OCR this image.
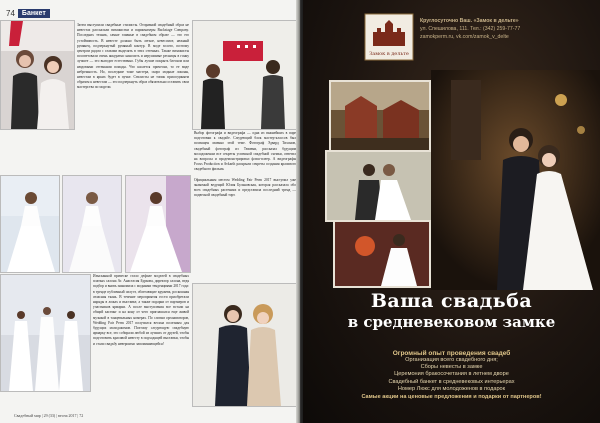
74	Банкет
Затем выступили свадебные стилисты. Отправной свадебный образ не невестах рассказали визажистки и парикмахеры Backstage Company. Последних техник, самые главные в свадебном образе — это его устойчивость. В невесте должно быть легкое, невесомое, нежный румянец, подчеркнутый румяный контур. В моде золото, поэтому центром рядом с глазами выделять в этих оттенках. Также визажисты посоветовали очень аккуратно наносить и нерушимые ресницы в гонку лучшее — это выгодит естественно. Губы лучше покрыть блеском или нюдовыми оттенками помады. Что касается прически, то ее виде небрежность. Но, последние тоже мастера, скоро модные локоны, невестам в ярких будет в пучке. Стилисты не топик присоединяем образом к невестам — это подчеркнуть образ обязательно оставить свои мастерства по модели.
Выбор фотографа и видеографа — одна из важнейших в паре подготовки к свадьбе. Следующий блок мастер-классов был посвящен именно этой теме. Фотограф Эдвард Тихонов, свадебный фотограф из Тюмени, рассказал будущим молодоженам все секреты успешной свадебной съемки, ответил на вопросы и продемонстрировал флэш-плеер. А видеографы Focus Production и Avkarth раскрыли секреты создания красивого свадебного фильма.

Официальным местом Wedding Fair Perm 2017 выступил уже знакомый ведущий Юлия Бульковская, которая рассказала обо всех свадебных растениях и представила последний тренд — подвесной свадебный торт.
Изысканной прическе стало дефиле моделей в свадебных платьях салона Аr. Анастасия Буркова, директор салона, ведя подбор и вновь знакомила с модными тенденциями 2017 года: в тренде публичный силуэт, облегающие кружева, роскошная атласная ткань. В течение мероприятия гости приобретали наряды в ложах и выставке, а также подарки от партнеров и участников ярмарки. А после выступления все встали на общий кастинг и на кону от чего приглашался еще живой музыкой в танцевальных номерах. По словам организаторов, Wedding Fair Perm 2017 получился весьма полезным для будущих молодоженов. Поэтому следующую свадебную ярмарку все, это собирали любой из лучших от друзей, чтобы подготовить красивой невесту в подходящей выставки, чтобы и стали свадьбу невероятно запоминающейся!
Свадебный мир | 29 (33) | весна 2017 | 72
Замок в дельте
Круглосуточно Ваш. «Замок в дельте»
ул. Спешилова, 111. Тел.: (342) 259-77-77
zamokperm.ru, vk.com/zamok_v_delte
Ваша свадьба
в средневековом замке
Огромный опыт проведения свадеб
Организация всего свадебного дня;
Сборы невесты в замке
Церемония бракосочетания в летнем дворе
Свадебный банкет в средневековых интерьерах
Номер Люкс для молодоженов в подарок
Самые акции на ценовые предложения и подарки от партнеров!
